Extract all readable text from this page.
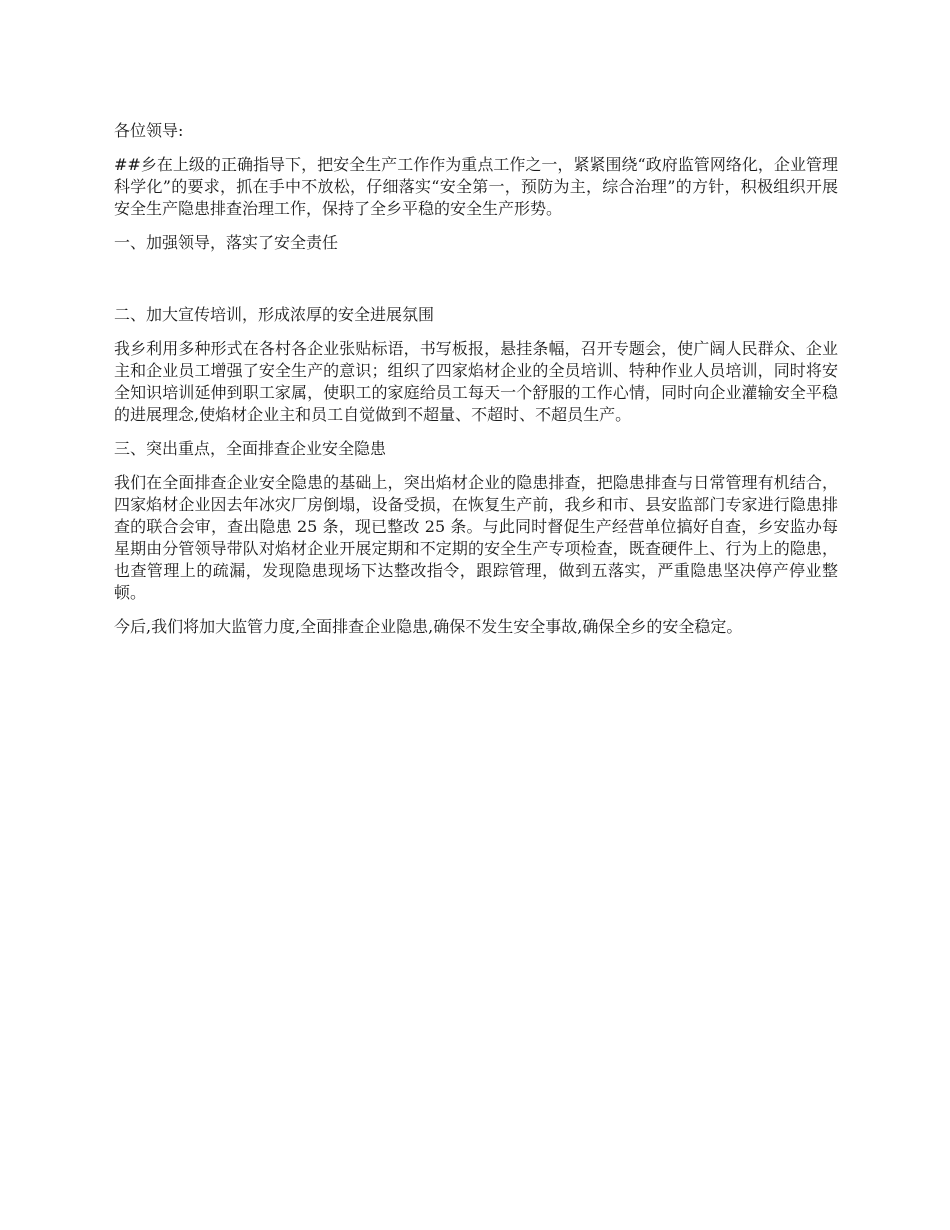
各位领导:

##乡在上级的正确指导下，把安全生产工作作为重点工作之一，紧紧围绕“政府监管网络化，企业管理科学化”的要求，抓在手中不放松，仔细落实“安全第一，预防为主，综合治理”的方针，积极组织开展安全生产隐患排查治理工作，保持了全乡平稳的安全生产形势。

一、加强领导，落实了安全责任

二、加大宣传培训，形成浓厚的安全进展氛围

我乡利用多种形式在各村各企业张贴标语，书写板报，悬挂条幅，召开专题会，使广阔人民群众、企业主和企业员工增强了安全生产的意识；组织了四家焰材企业的全员培训、特种作业人员培训，同时将安全知识培训延伸到职工家属，使职工的家庭给员工每天一个舒服的工作心情，同时向企业灌输安全平稳的进展理念,使焰材企业主和员工自觉做到不超量、不超时、不超员生产。

三、突出重点，全面排查企业安全隐患

我们在全面排查企业安全隐患的基础上，突出焰材企业的隐患排查，把隐患排查与日常管理有机结合，四家焰材企业因去年冰灾厂房倒塌，设备受损，在恢复生产前，我乡和市、县安监部门专家进行隐患排查的联合会审，查出隐患 25 条，现已整改 25 条。与此同时督促生产经营单位搞好自查，乡安监办每星期由分管领导带队对焰材企业开展定期和不定期的安全生产专项检查，既查硬件上、行为上的隐患，也查管理上的疏漏，发现隐患现场下达整改指令，跟踪管理，做到五落实，严重隐患坚决停产停业整顿。

今后,我们将加大监管力度,全面排查企业隐患,确保不发生安全事故,确保全乡的安全稳定。
